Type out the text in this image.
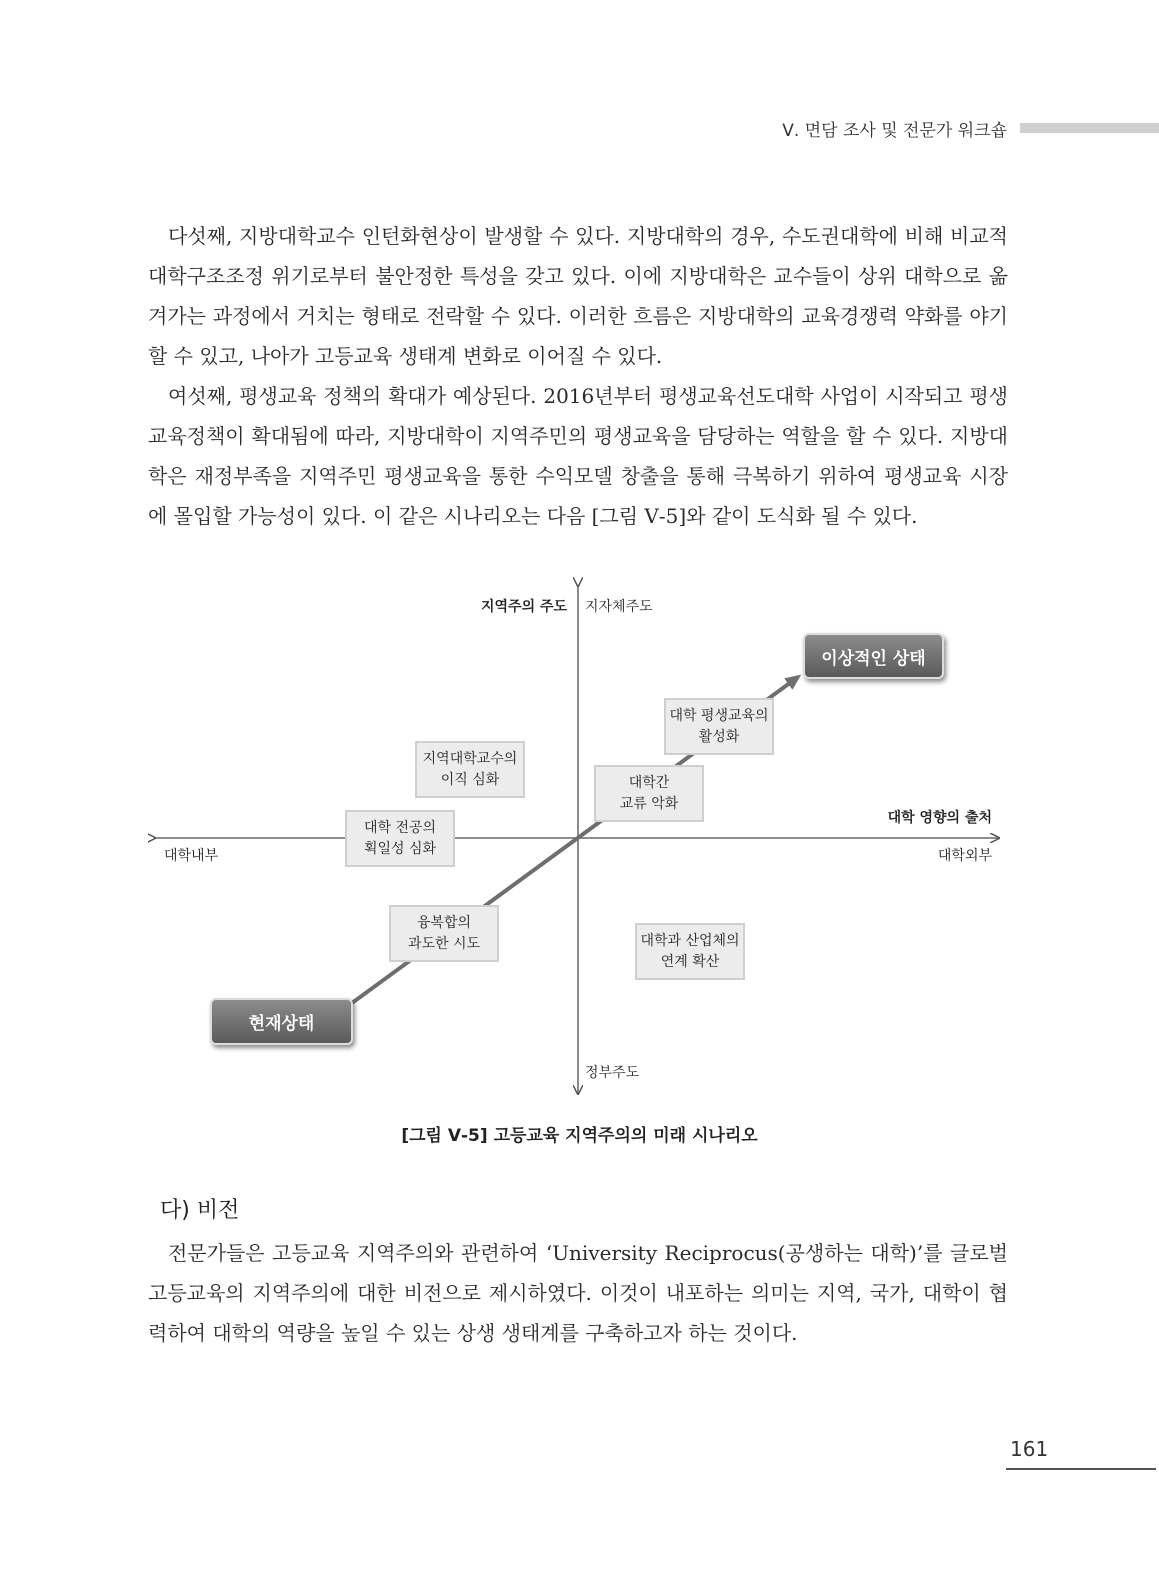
Ⅴ. 면담 조사 및 전문가 워크숍

다섯째, 지방대학교수 인턴화현상이 발생할 수 있다. 지방대학의 경우, 수도권대학에 비해 비교적 대학구조조정 위기로부터 불안정한 특성을 갖고 있다. 이에 지방대학은 교수들이 상위 대학으로 옮겨가는 과정에서 거치는 형태로 전락할 수 있다. 이러한 흐름은 지방대학의 교육경쟁력 약화를 야기할 수 있고, 나아가 고등교육 생태계 변화로 이어질 수 있다.

여섯째, 평생교육 정책의 확대가 예상된다. 2016년부터 평생교육선도대학 사업이 시작되고 평생교육정책이 확대됨에 따라, 지방대학이 지역주민의 평생교육을 담당하는 역할을 할 수 있다. 지방대학은 재정부족을 지역주민 평생교육을 통한 수익모델 창출을 통해 극복하기 위하여 평생교육 시장에 몰입할 가능성이 있다. 이 같은 시나리오는 다음 [그림 Ⅴ-5]와 같이 도식화 될 수 있다.

지역주의 주도 지자체주도
정부주도
대학 영향의 출처
대학내부	대학외부
이상적인 상태
현재상태
대학 평생교육의
활성화
지역대학교수의
이직 심화	대학간
교류 악화
대학 전공의
획일성 심화
융복합의
과도한 시도	대학과 산업체의
연계 확산
[그림 Ⅴ-5] 고등교육 지역주의의 미래 시나리오
다) 비전

전문가들은 고등교육 지역주의와 관련하여 ‘University Reciprocus(공생하는 대학)’를 글로벌 고등교육의 지역주의에 대한 비전으로 제시하였다. 이것이 내포하는 의미는 지역, 국가, 대학이 협력하여 대학의 역량을 높일 수 있는 상생 생태계를 구축하고자 하는 것이다.

161
